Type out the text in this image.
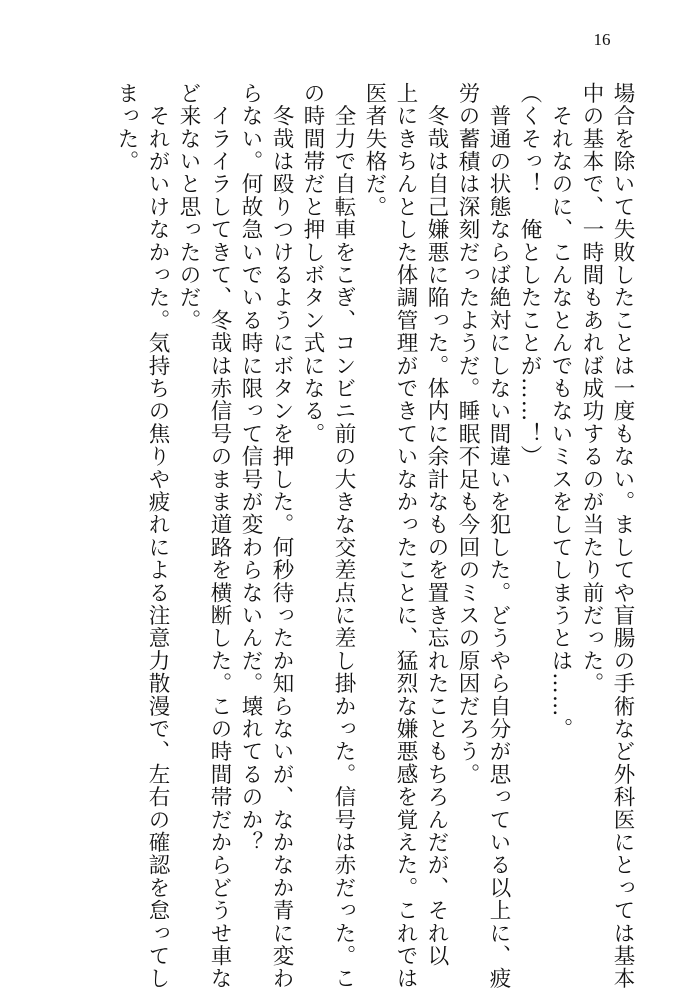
16
場合を除いて失敗したことは一度もない。ましてや盲腸の手術など外科医にとっては基本
中の基本で、一時間もあれば成功するのが当たり前だった。
　それなのに、こんなとんでもないミスをしてしまうとは……。
（くそっ！　俺としたことが……！）
　普通の状態ならば絶対にしない間違いを犯した。どうやら自分が思っている以上に、疲
労の蓄積は深刻だったようだ。睡眠不足も今回のミスの原因だろう。
　冬哉は自己嫌悪に陥った。体内に余計なものを置き忘れたこともちろんだが、それ以
上にきちんとした体調管理ができていなかったことに、猛烈な嫌悪感を覚えた。これでは
医者失格だ。
　全力で自転車をこぎ、コンビニ前の大きな交差点に差し掛かった。信号は赤だった。こ
の時間帯だと押しボタン式になる。
　冬哉は殴りつけるようにボタンを押した。何秒待ったか知らないが、なかなか青に変わ
らない。何故急いでいる時に限って信号が変わらないんだ。壊れてるのか？
　イライラしてきて、冬哉は赤信号のまま道路を横断した。この時間帯だからどうせ車な
ど来ないと思ったのだ。
　それがいけなかった。気持ちの焦りや疲れによる注意力散漫で、左右の確認を怠ってし
まった。
